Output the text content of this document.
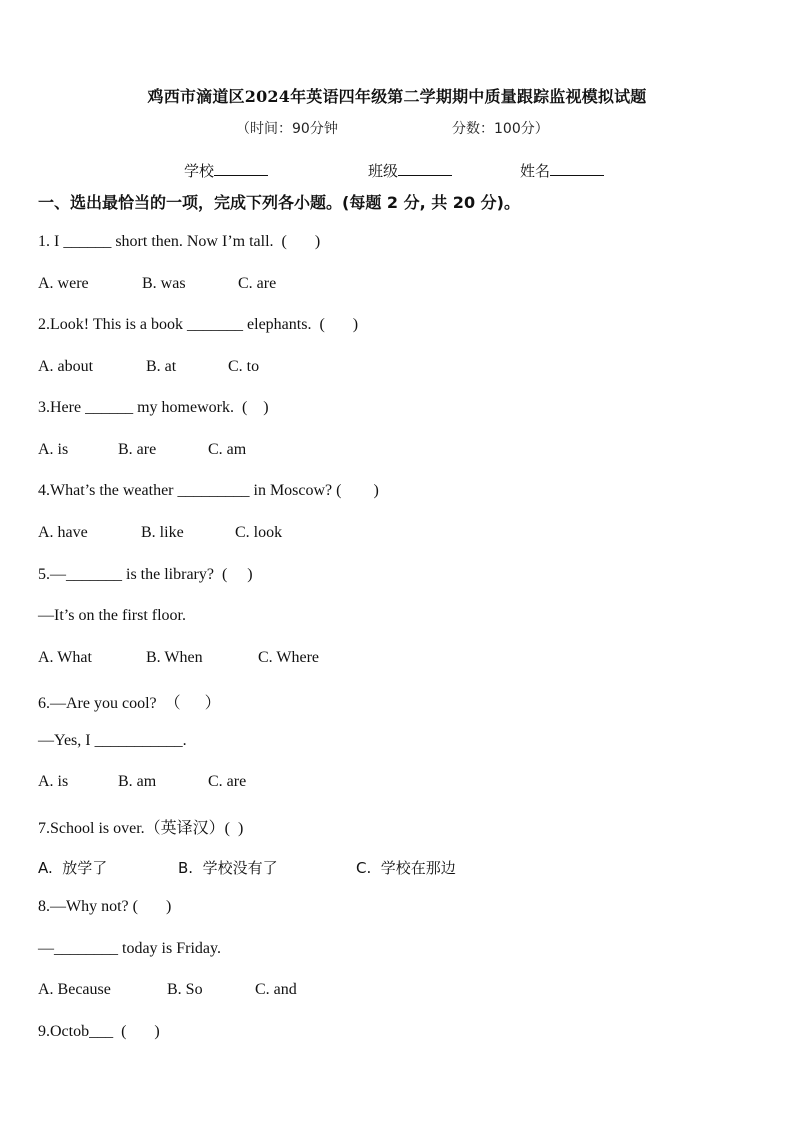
鸡西市滴道区2024年英语四年级第二学期期中质量跟踪监视模拟试题
（时间：90分钟	分数：100分）
学校	班级	姓名
一、选出最恰当的一项，完成下列各小题。(每题 2 分, 共 20 分)。
1. I ______ short then. Now I’m tall.  (       )
A. were	B. was	C. are
2.Look! This is a book _______ elephants.  (       )
A. about	B. at	C. to
3.Here ______ my homework.  (    )
A. is	B. are	C. am
4.What’s the weather _________ in Moscow? (        )
A. have	B. like	C. look
5.—_______ is the library?  (     )
—It’s on the first floor.
A. What	B. When	C. Where
6.—Are you cool?  （      ）
—Yes, I ___________.
A. is	B. am	C. are
7.School is over.（英译汉）(  )
A.  放学了	B.  学校没有了	C.  学校在那边
8.—Why not? (       )
—________ today is Friday.
A. Because	B. So	C. and
9.Octob___  (       )
